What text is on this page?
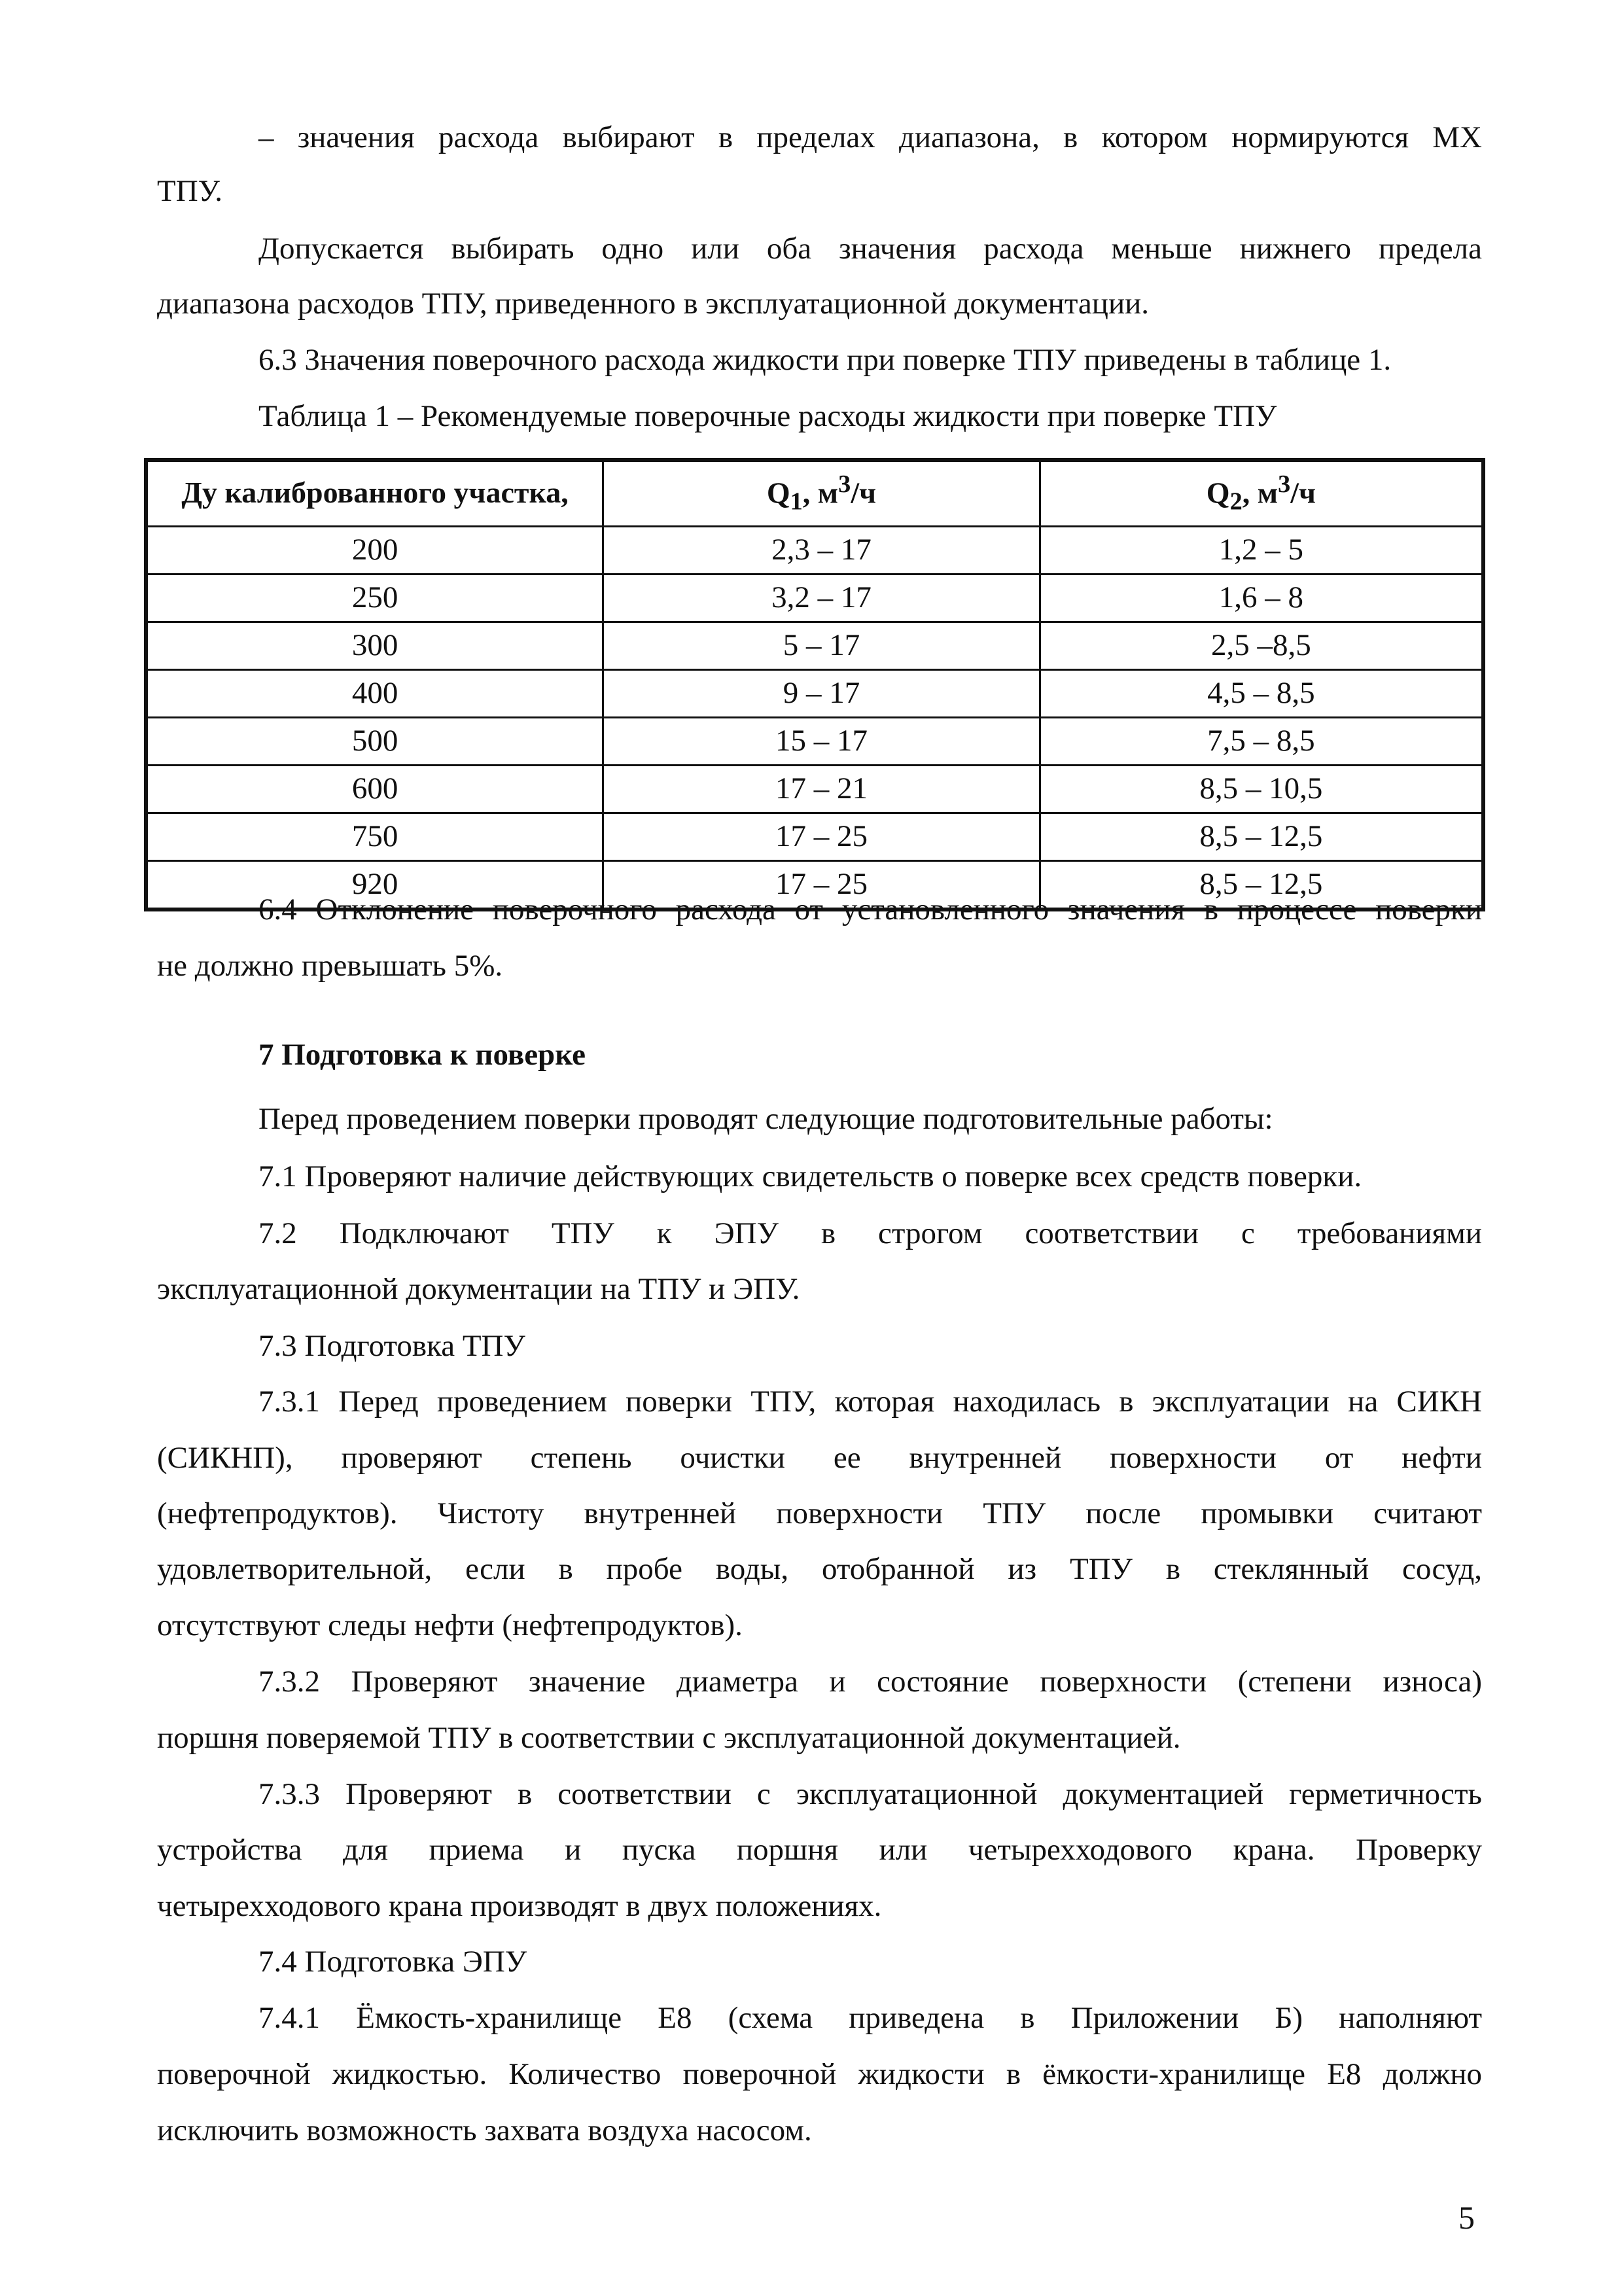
– значения расхода выбирают в пределах диапазона, в котором нормируются МХ
ТПУ.
Допускается выбирать одно или оба значения расхода меньше нижнего предела
диапазона расходов ТПУ, приведенного в эксплуатационной документации.
6.3 Значения поверочного расхода жидкости при поверке ТПУ приведены в таблице 1.
Таблица 1 – Рекомендуемые поверочные расходы жидкости при поверке ТПУ
Ду калиброванного участка,	$Q_1$, $м^3/ч$	$Q_2$, $м^3/ч$
200	2,3 – 17	1,2 – 5
250	3,2 – 17	1,6 – 8
300	5 – 17	2,5 –8,5
400	9 – 17	4,5 – 8,5
500	15 – 17	7,5 – 8,5
600	17 – 21	8,5 – 10,5
750	17 – 25	8,5 – 12,5
920	17 – 25	8,5 – 12,5
6.4 Отклонение поверочного расхода от установленного значения в процессе поверки
не должно превышать 5%.
7 Подготовка к поверке
Перед проведением поверки проводят следующие подготовительные работы:
7.1 Проверяют наличие действующих свидетельств о поверке всех средств поверки.
7.2 Подключают ТПУ к ЭПУ в строгом соответствии с требованиями
эксплуатационной документации на ТПУ и ЭПУ.
7.3 Подготовка ТПУ
7.3.1 Перед проведением поверки ТПУ, которая находилась в эксплуатации на СИКН
(СИКНП), проверяют степень очистки ее внутренней поверхности от нефти
(нефтепродуктов). Чистоту внутренней поверхности ТПУ после промывки считают
удовлетворительной, если в пробе воды, отобранной из ТПУ в стеклянный сосуд,
отсутствуют следы нефти (нефтепродуктов).
7.3.2 Проверяют значение диаметра и состояние поверхности (степени износа)
поршня поверяемой ТПУ в соответствии с эксплуатационной документацией.
7.3.3 Проверяют в соответствии с эксплуатационной документацией герметичность
устройства для приема и пуска поршня или четырехходового крана. Проверку
четырехходового крана производят в двух положениях.
7.4 Подготовка ЭПУ
7.4.1 Ёмкость-хранилище Е8 (схема приведена в Приложении Б) наполняют
поверочной жидкостью. Количество поверочной жидкости в ёмкости-хранилище Е8 должно
исключить возможность захвата воздуха насосом.
5
